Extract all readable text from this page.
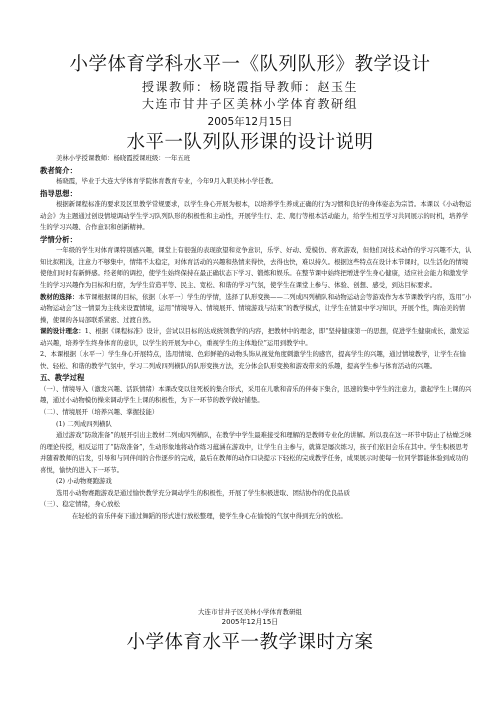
小学体育学科水平一《队列队形》教学设计
授课教师：杨晓霞指导教师：赵玉生
大连市甘井子区美林小学体育教研组
2005年12月15日
水平一队列队形课的设计说明

美林小学授课教师：杨晓霞授课班级：一年五班

教者简介：

杨晓霞，毕业于大连大学体育学院体育教育专业，今年9月入职美林小学任教。

指导思想：

根据新课程标准的要求及区里教学常规要求，以学生身心开展为根本，以培养学生养成正确的行为习惯和良好的身体姿态为宗旨。本课以《小动物运动会》为主题通过创设情境调动学生学习队列队形的积极性和主动性，开展学生行、走、爬行等根本活动能力，给学生相互学习共同展示的时机，培养学生的学习兴趣、合作意识和创新精神。

学情分析：

一年级的学生对体育课特别感兴趣，课堂上有很强的表现欲望和竞争意识，乐学、好动、爱模仿、喜欢游戏，但他们对技术动作的学习兴趣不大，认知比拟粗浅，注意力不够集中，情绪不太稳定，对体育活动的兴趣和热情来得快，去得也快，难以持久。根据这些特点在设计本节课时，以生活化的情境使他们时时有新鲜感。经老师的调控，使学生始终保持在最正确状态下学习、锻炼和娱乐。在整节课中始终把增进学生身心健康，适应社会能力和激发学生的学习兴趣作为目标和归宿，为学生营造平等、民主、宽松、和谐的学习气氛，使学生在课堂上参与、体验、创想、感受，到达目标要求。

教材的选择：本节课根据课的目标，依据〔水平一〕学生的学情，选择了队形变换——二列成四列横队和动物运动会等游戏作为本节课教学内容，选用“小动物运动会”这一情景为主线来设置情境，运用“情境导入、情境展开、情境游戏与结束”的教学模式，让学生在情景中学习知识，开展个性，陶冶美的情操，使课的各局部联系紧密、过渡自然。

课的设计理念：1、根据《课程标准》设计，尝试以目标的达成统领教学的内容，把教材中的理念，即“坚持健康第一的思想，促进学生健康成长，激发运动兴趣，培养学生终身体育的意识，以学生的开展为中心，重视学生的主体地位”运用到教学中。

2、本课根据〔水平一〕学生身心开展特点，选用情境、色彩鲜艳的动物头饰从视觉角度刺激学生的感官，提高学生的兴趣，通过情境教学，让学生在愉快、轻松、和谐的教学气氛中，学习二列成四列横队的队形变换方法，充分体会队形变换和游戏带来的乐趣，提高学生参与体育活动的兴趣。

五、教学过程

（一）、情境导入（激发兴趣、活跃情绪）本课改变以往死板的集合形式，采用在儿歌和音乐的伴奏下集合，迅速的集中学生的注意力，激起学生上课的兴趣，通过小动物模仿操来调动学生上课的积极性，为下一环节的教学做好铺垫。

（二）、情境展开（培养兴趣、掌握技能）

(1) 二列成四列横队

通过游戏“防敌准备”的展开引出主教材二列成四列横队，在教学中学生最难接受和理解的是教师专业化的讲解。所以我在这一环节中防止了枯燥乏味的理论传授，相反运用了“防敌准备”，生动形象地将动作练习蕴涵在游戏中，让学生自主参与，就算是屡次练习，孩子们依旧会乐在其中。学生积极思考并随着教师的启发，引导和与同伴间的合作逐步的完成，最后在教师的动作口诀提示下轻松的完成教学任务，成果展示时使每一位同学都能体验到成功的喜悦，愉快的进入下一环节。

(2) 小动物赛跑游戏

选用小动物赛跑游戏是通过愉快教学充分调动学生的积极性，开展了学生积极进取、团结协作的优良品质

（三）、稳定情绪，身心放松

在轻松的音乐伴奏下通过舞蹈的形式进行放松整理，使学生身心在愉悦的气氛中得到充分的放松。

大连市甘井子区美林小学体育教研组
2005年12月15日
小学体育水平一教学课时方案
